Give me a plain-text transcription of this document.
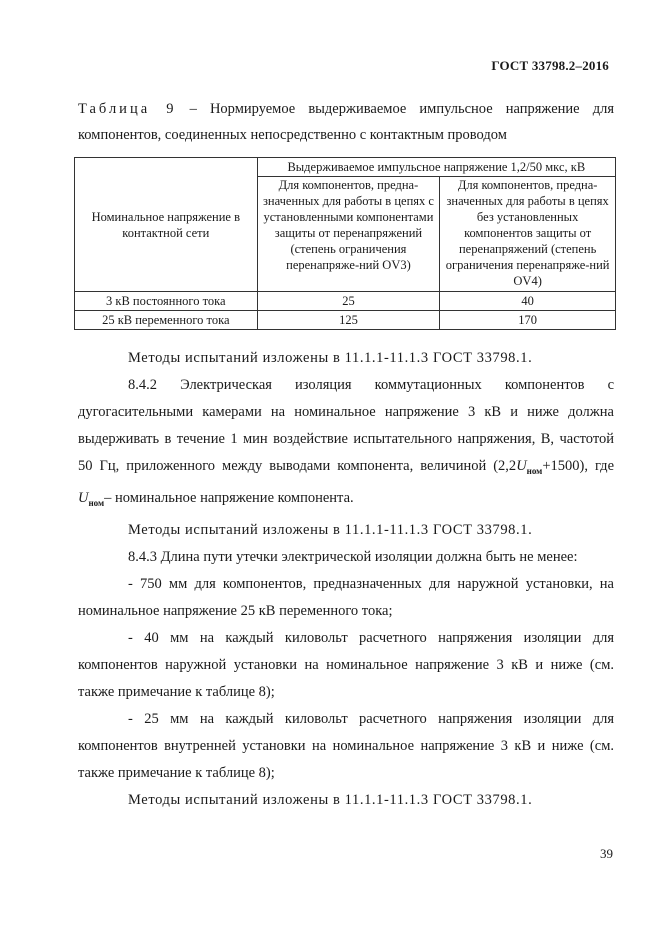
ГОСТ 33798.2–2016
Таблица 9 – Нормируемое выдерживаемое импульсное напряжение для
компонентов, соединенных непосредственно с контактным проводом
Номинальное напряжение в контактной сети	Выдерживаемое импульсное напряжение 1,2/50 мкс, кВ	
	Для компонентов, предна-значенных для работы в цепях с установленными компонентами защиты от перенапряжений (степень ограничения перенапряже-ний OV3)	Для компонентов, предна-значенных для работы в цепях без установленных компонентов защиты от перенапряжений (степень ограничения перенапряже-ний OV4)
3 кВ постоянного тока	25	40
25 кВ переменного тока	125	170

Методы испытаний изложены в 11.1.1-11.1.3 ГОСТ 33798.1.

8.4.2 Электрическая изоляция коммутационных компонентов с дугогасительными камерами на номинальное напряжение 3 кВ и ниже должна выдерживать в течение 1 мин воздействие испытательного напряжения, В, частотой 50 Гц, приложенного между выводами компонента, величиной $(2,2U_{ном}+1500)$, где $U_{ном}-$ номинальное напряжение компонента.

Методы испытаний изложены в 11.1.1-11.1.3 ГОСТ 33798.1.

8.4.3 Длина пути утечки электрической изоляции должна быть не менее:

- 750 мм для компонентов, предназначенных для наружной установки, на номинальное напряжение 25 кВ переменного тока;

- 40 мм на каждый киловольт расчетного напряжения изоляции для компонентов наружной установки на номинальное напряжение 3 кВ и ниже (см. также примечание к таблице 8);

- 25 мм на каждый киловольт расчетного напряжения изоляции для компонентов внутренней установки на номинальное напряжение 3 кВ и ниже (см. также примечание к таблице 8);

Методы испытаний изложены в 11.1.1-11.1.3 ГОСТ 33798.1.

39
